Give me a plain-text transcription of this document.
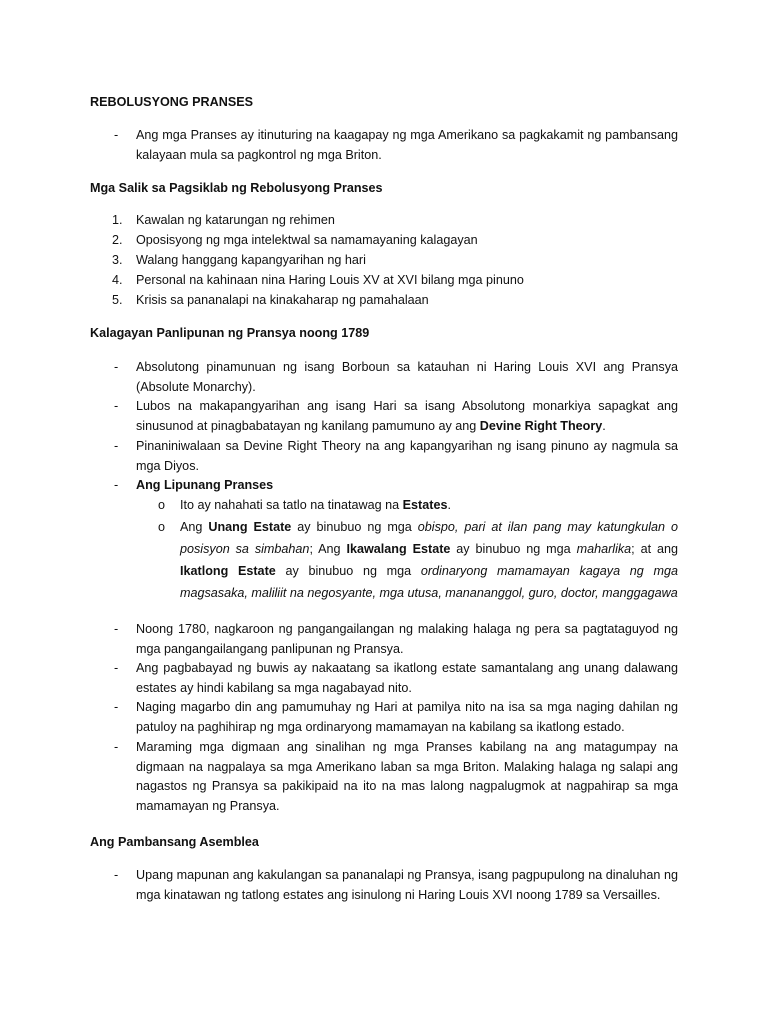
REBOLUSYONG PRANSES
- Ang mga Pranses ay itinuturing na kaagapay ng mga Amerikano sa pagkakamit ng pambansang kalayaan mula sa pagkontrol ng mga Briton.
Mga Salik sa Pagsiklab ng Rebolusyong Pranses
1. Kawalan ng katarungan ng rehimen
2. Oposisyong ng mga intelektwal sa namamayaning kalagayan
3. Walang hanggang kapangyarihan ng hari
4. Personal na kahinaan nina Haring Louis XV at XVI bilang mga pinuno
5. Krisis sa pananalapi na kinakaharap ng pamahalaan
Kalagayan Panlipunan ng Pransya noong 1789
- Absolutong pinamunuan ng isang Borboun sa katauhan ni Haring Louis XVI ang Pransya (Absolute Monarchy).
- Lubos na makapangyarihan ang isang Hari sa isang Absolutong monarkiya sapagkat ang sinusunod at pinagbabatayan ng kanilang pamumuno ay ang Devine Right Theory.
- Pinaniniwalaan sa Devine Right Theory na ang kapangyarihan ng isang pinuno ay nagmula sa mga Diyos.
- Ang Lipunang Pranses
o Ito ay nahahati sa tatlo na tinatawag na Estates.
o Ang Unang Estate ay binubuo ng mga obispo, pari at ilan pang may katungkulan o posisyon sa simbahan; Ang Ikawalang Estate ay binubuo ng mga maharlika; at ang Ikatlong Estate ay binubuo ng mga ordinaryong mamamayan kagaya ng mga magsasaka, maliliit na negosyante, mga utusa, manananggol, guro, doctor, manggagawa
- Noong 1780, nagkaroon ng pangangailangan ng malaking halaga ng pera sa pagtataguyod ng mga pangangailangang panlipunan ng Pransya.
- Ang pagbabayad ng buwis ay nakaatang sa ikatlong estate samantalang ang unang dalawang estates ay hindi kabilang sa mga nagabayad nito.
- Naging magarbo din ang pamumuhay ng Hari at pamilya nito na isa sa mga naging dahilan ng patuloy na paghihirap ng mga ordinaryong mamamayan na kabilang sa ikatlong estado.
- Maraming mga digmaan ang sinalihan ng mga Pranses kabilang na ang matagumpay na digmaan na nagpalaya sa mga Amerikano laban sa mga Briton. Malaking halaga ng salapi ang nagastos ng Pransya sa pakikipaid na ito na mas lalong nagpalugmok at nagpahirap sa mga mamamayan ng Pransya.
Ang Pambansang Asemblea
- Upang mapunan ang kakulangan sa pananalapi ng Pransya, isang pagpupulong na dinaluhan ng mga kinatawan ng tatlong estates ang isinulong ni Haring Louis XVI noong 1789 sa Versailles.
